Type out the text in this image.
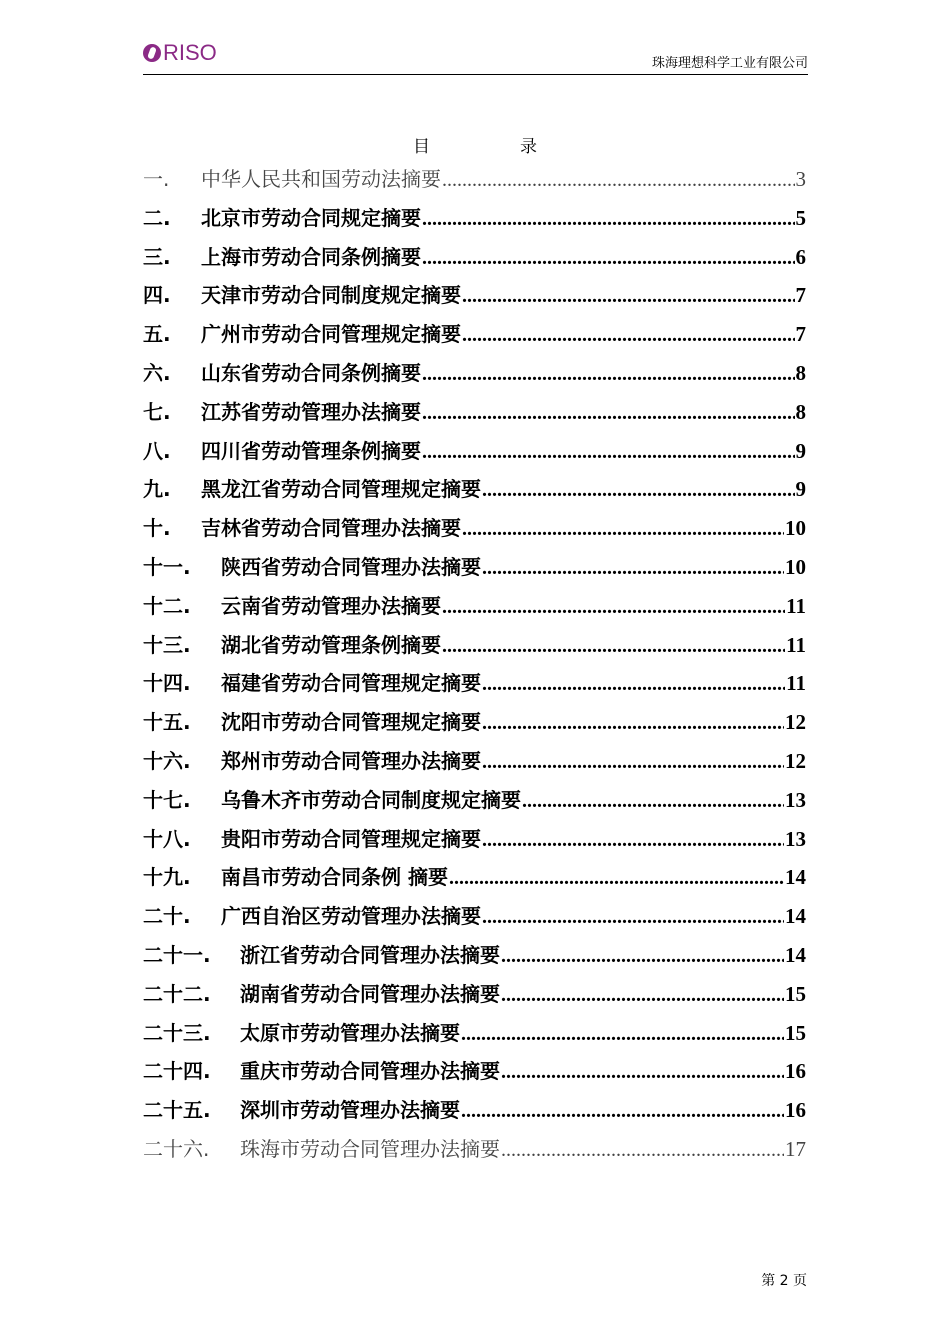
RISO	珠海理想科学工业有限公司
目	录
一.	中华人民共和国劳动法摘要 .....	3
二.	北京市劳动合同规定摘要 .....	5
三.	上海市劳动合同条例摘要 .....	6
四.	天津市劳动合同制度规定摘要 .....	7
五.	广州市劳动合同管理规定摘要 .....	7
六.	山东省劳动合同条例摘要 .....	8
七.	江苏省劳动管理办法摘要 .....	8
八.	四川省劳动管理条例摘要 .....	9
九.	黑龙江省劳动合同管理规定摘要 .....	9
十.	吉林省劳动合同管理办法摘要 .....	10
十一.	陕西省劳动合同管理办法摘要 .....	10
十二.	云南省劳动管理办法摘要 .....	11
十三.	湖北省劳动管理条例摘要 .....	11
十四.	福建省劳动合同管理规定摘要 .....	11
十五.	沈阳市劳动合同管理规定摘要 .....	12
十六.	郑州市劳动合同管理办法摘要 .....	12
十七.	乌鲁木齐市劳动合同制度规定摘要 .....	13
十八.	贵阳市劳动合同管理规定摘要 .....	13
十九.	南昌市劳动合同条例 摘要 .....	14
二十.	广西自治区劳动管理办法摘要 .....	14
二十一.	浙江省劳动合同管理办法摘要 .....	14
二十二.	湖南省劳动合同管理办法摘要 .....	15
二十三.	太原市劳动管理办法摘要 .....	15
二十四.	重庆市劳动合同管理办法摘要 .....	16
二十五.	深圳市劳动管理办法摘要 .....	16
二十六.	珠海市劳动合同管理办法摘要 .....	17
第 2 页
